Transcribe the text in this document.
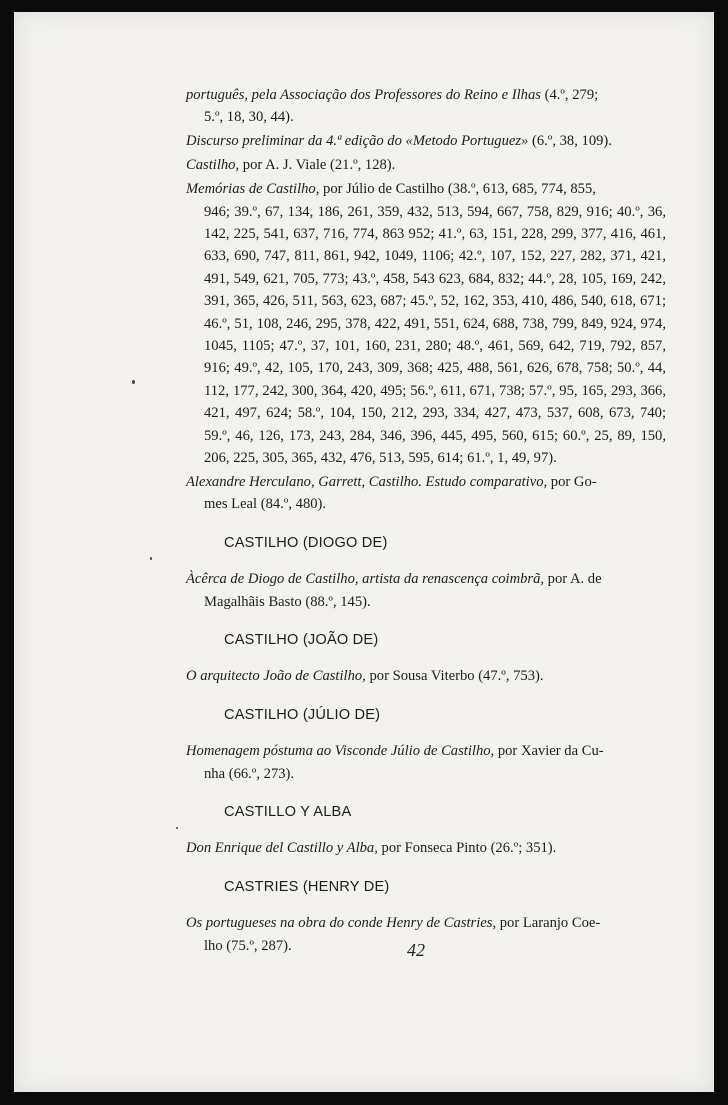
português, pela Associação dos Professores do Reino e Ilhas (4.º, 279;
5.º, 18, 30, 44).

Discurso preliminar da 4.ª edição do «Metodo Portuguez» (6.º, 38, 109).

Castilho, por A. J. Viale (21.º, 128).

Memórias de Castilho, por Júlio de Castilho (38.º, 613, 685, 774, 855,
946; 39.º, 67, 134, 186, 261, 359, 432, 513, 594, 667, 758, 829, 916; 40.º, 36, 142, 225, 541, 637, 716, 774, 863 952; 41.º, 63, 151, 228, 299, 377, 416, 461, 633, 690, 747, 811, 861, 942, 1049, 1106; 42.º, 107, 152, 227, 282, 371, 421, 491, 549, 621, 705, 773; 43.º, 458, 543 623, 684, 832; 44.º, 28, 105, 169, 242, 391, 365, 426, 511, 563, 623, 687; 45.º, 52, 162, 353, 410, 486, 540, 618, 671; 46.º, 51, 108, 246, 295, 378, 422, 491, 551, 624, 688, 738, 799, 849, 924, 974, 1045, 1105; 47.º, 37, 101, 160, 231, 280; 48.º, 461, 569, 642, 719, 792, 857, 916; 49.º, 42, 105, 170, 243, 309, 368; 425, 488, 561, 626, 678, 758; 50.º, 44, 112, 177, 242, 300, 364, 420, 495; 56.º, 611, 671, 738; 57.º, 95, 165, 293, 366, 421, 497, 624; 58.º, 104, 150, 212, 293, 334, 427, 473, 537, 608, 673, 740; 59.º, 46, 126, 173, 243, 284, 346, 396, 445, 495, 560, 615; 60.º, 25, 89, 150, 206, 225, 305, 365, 432, 476, 513, 595, 614; 61.º, 1, 49, 97).

Alexandre Herculano, Garrett, Castilho. Estudo comparativo, por Go-
mes Leal (84.º, 480).

CASTILHO (DIOGO DE)

Àcêrca de Diogo de Castilho, artista da renascença coimbrã, por A. de
Magalhãis Basto (88.º, 145).

CASTILHO (JOÃO DE)

O arquitecto João de Castilho, por Sousa Viterbo (47.º, 753).

CASTILHO (JÚLIO DE)

Homenagem póstuma ao Visconde Júlio de Castilho, por Xavier da Cu-
nha (66.º, 273).

CASTILLO Y ALBA

Don Enrique del Castillo y Alba, por Fonseca Pinto (26.º; 351).

CASTRIES (HENRY DE)

Os portugueses na obra do conde Henry de Castries, por Laranjo Coe-
lho (75.º, 287).	42
